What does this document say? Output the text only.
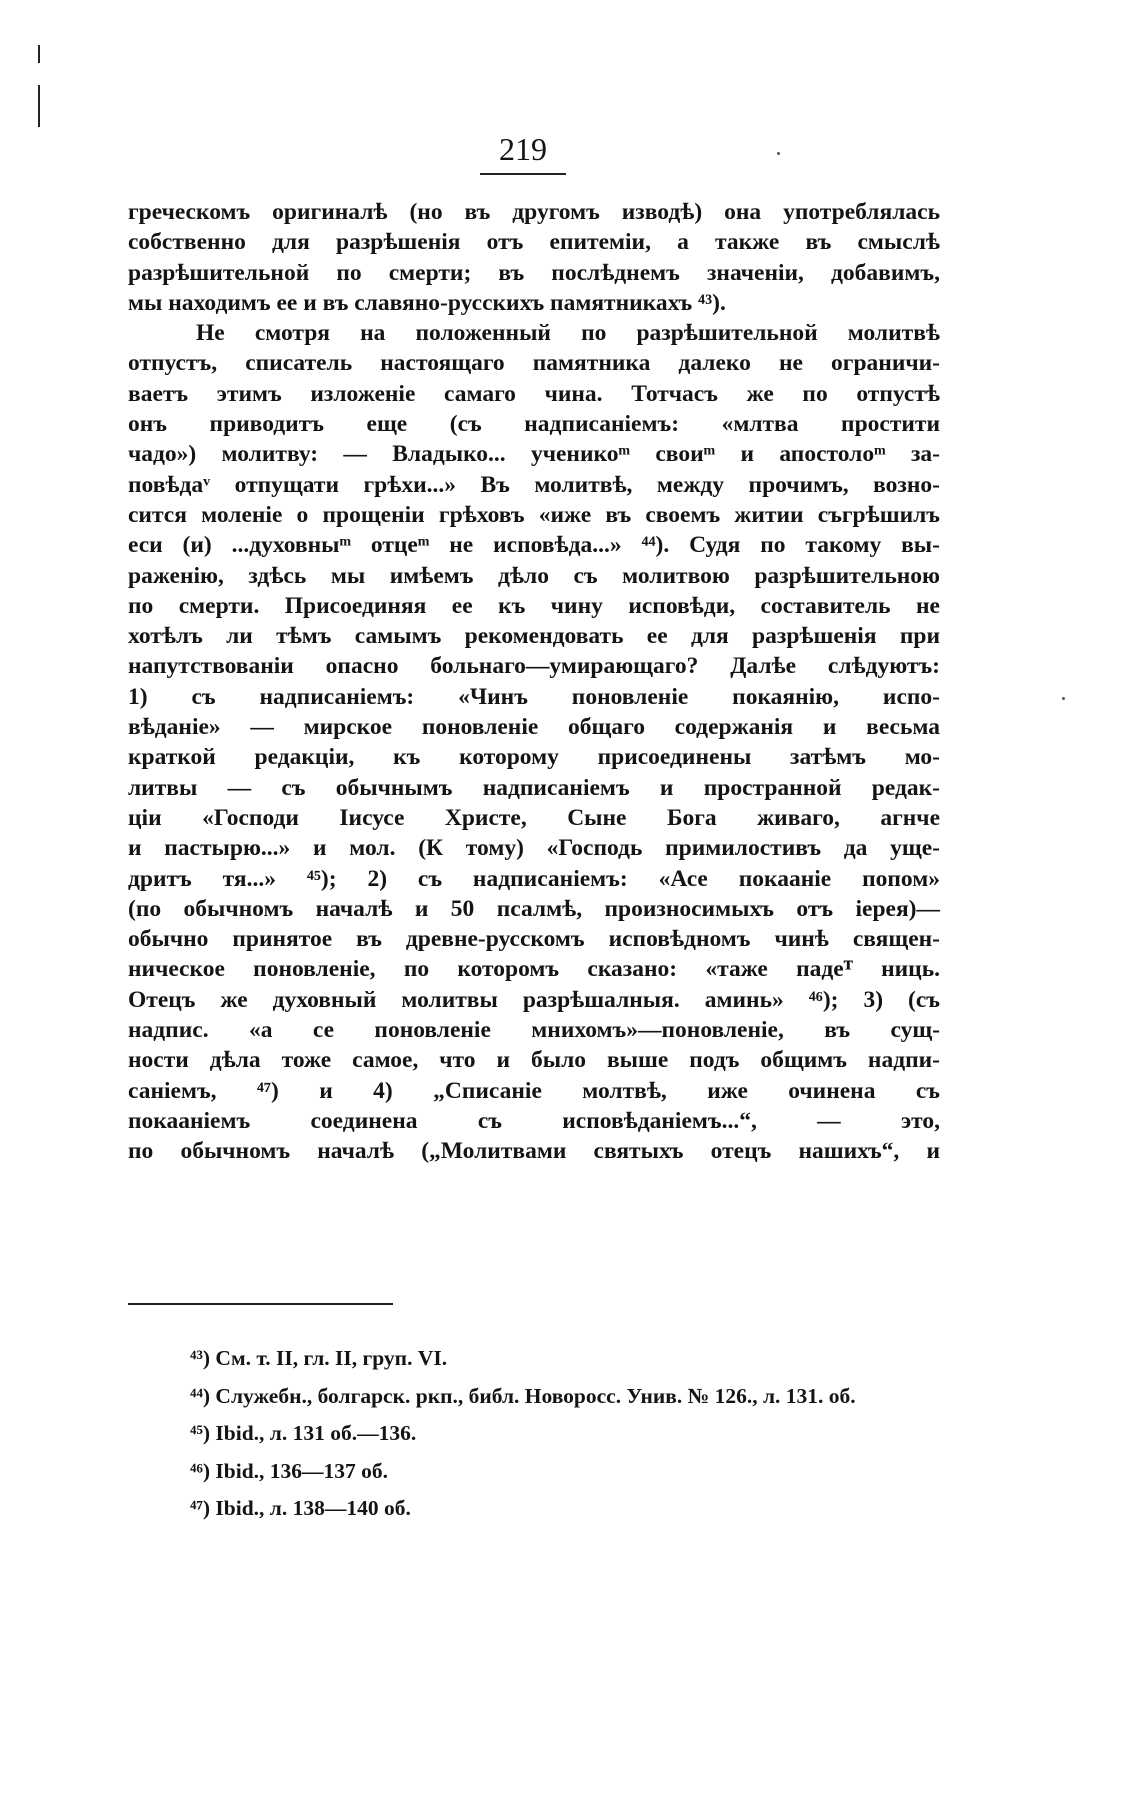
219
греческомъ оригиналѣ (но въ другомъ изводѣ) она употреблялась
собственно для разрѣшенія отъ епитеміи, а также въ смыслѣ
разрѣшительной по смерти; въ послѣднемъ значеніи, добавимъ,
мы находимъ ее и въ славяно-русскихъ памятникахъ ⁴³).
Не смотря на положенный по разрѣшительной молитвѣ
отпустъ, списатель настоящаго памятника далеко не ограничи-
ваетъ этимъ изложеніе самаго чина. Тотчасъ же по отпустѣ
онъ приводитъ еще (съ надписаніемъ: «млтва простити
чадо») молитву: — Владыко... ученикоᵐ своиᵐ и апостолоᵐ за-
повѣдаᵛ отпущати грѣхи...» Въ молитвѣ, между прочимъ, возно-
сится моленіе о прощеніи грѣховъ «иже въ своемъ житии съгрѣшилъ
еси (и) ...духовныᵐ отцеᵐ не исповѣда...» ⁴⁴). Судя по такому вы-
раженію, здѣсь мы имѣемъ дѣло съ молитвою разрѣшительною
по смерти. Присоединяя ее къ чину исповѣди, составитель не
хотѣлъ ли тѣмъ самымъ рекомендовать ее для разрѣшенія при
напутствованіи опасно больнаго—умирающаго? Далѣе слѣдуютъ:
1) съ надписаніемъ: «Чинъ поновленіе покаянію, испо-
вѣданіе» — мирское поновленіе общаго содержанія и весьма
краткой редакціи, къ которому присоединены затѣмъ мо-
литвы — съ обычнымъ надписаніемъ и пространной редак-
ціи «Господи Іисусе Христе, Сыне Бога живаго, агнче
и пастырю...» и мол. (К тому) «Господь примилостивъ да уще-
дритъ тя...» ⁴⁵); 2) съ надписаніемъ: «Асе покааніе попом»
(по обычномъ началѣ и 50 псалмѣ, произносимыхъ отъ іерея)—
обычно принятое въ древне-русскомъ исповѣдномъ чинѣ священ-
ническое поновленіе, по которомъ сказано: «таже падеᵀ ниць.
Отецъ же духовный молитвы разрѣшалныя. аминь» ⁴⁶); 3) (съ
надпис. «а се поновленіе мнихомъ»—поновленіе, въ сущ-
ности дѣла тоже самое, что и было выше подъ общимъ надпи-
саніемъ, ⁴⁷) и 4) „Списаніе молтвѣ, иже очинена съ
покааніемъ соединена съ исповѣданіемъ...“, — это,
по обычномъ началѣ („Молитвами святыхъ отецъ нашихъ“, и
⁴³) См. т. II, гл. II, груп. VI.
⁴⁴) Служебн., болгарск. ркп., библ. Новоросс. Унив. № 126., л. 131. об.
⁴⁵) Ibid., л. 131 об.—136.
⁴⁶) Ibid., 136—137 об.
⁴⁷) Ibid., л. 138—140 об.
